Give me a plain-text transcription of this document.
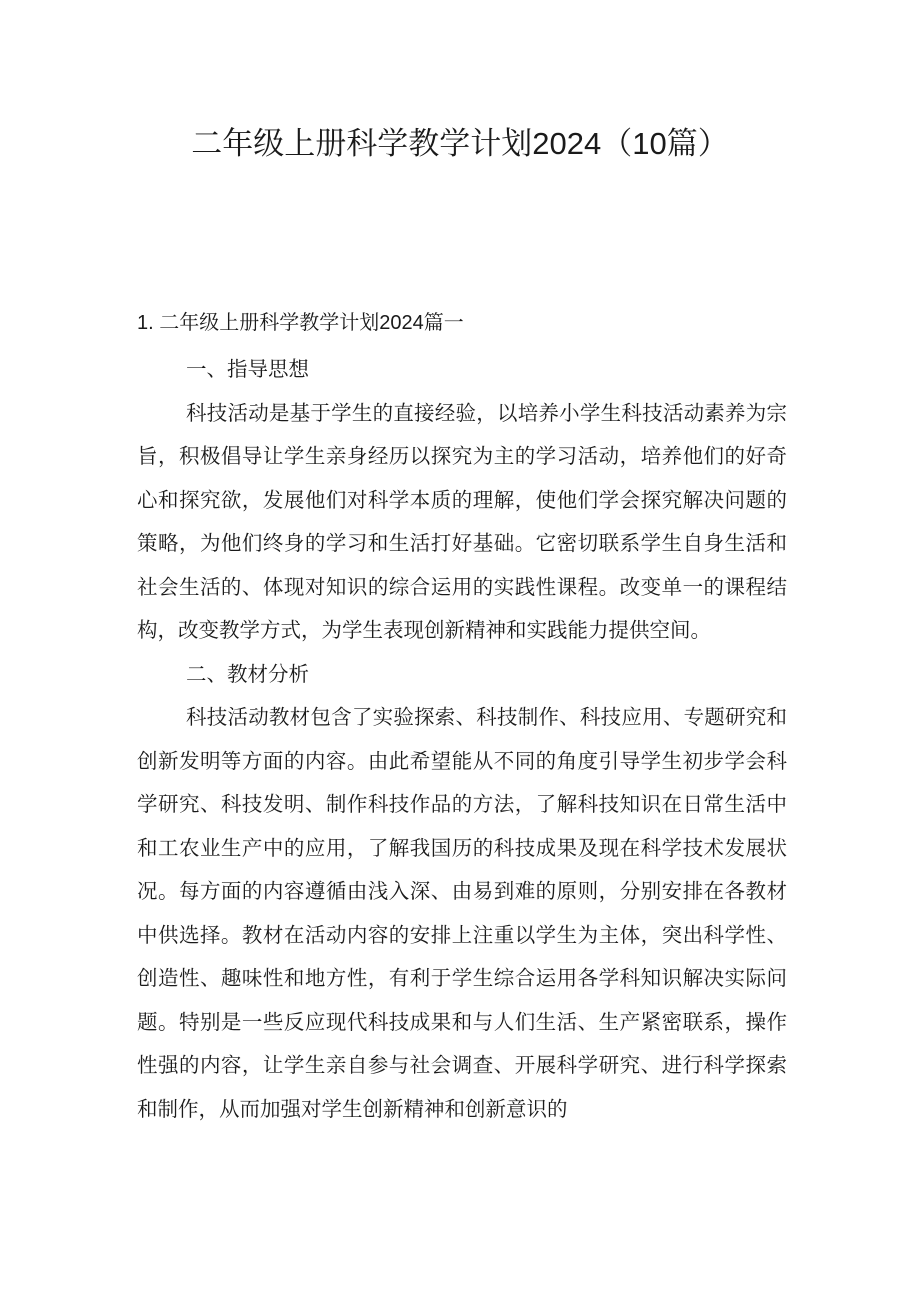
二年级上册科学教学计划2024（10篇）
1. 二年级上册科学教学计划2024篇一
一、指导思想

科技活动是基于学生的直接经验，以培养小学生科技活动素养为宗旨，积极倡导让学生亲身经历以探究为主的学习活动，培养他们的好奇心和探究欲，发展他们对科学本质的理解，使他们学会探究解决问题的策略，为他们终身的学习和生活打好基础。它密切联系学生自身生活和社会生活的、体现对知识的综合运用的实践性课程。改变单一的课程结构，改变教学方式，为学生表现创新精神和实践能力提供空间。

二、教材分析

科技活动教材包含了实验探索、科技制作、科技应用、专题研究和创新发明等方面的内容。由此希望能从不同的角度引导学生初步学会科学研究、科技发明、制作科技作品的方法，了解科技知识在日常生活中和工农业生产中的应用，了解我国历的科技成果及现在科学技术发展状况。每方面的内容遵循由浅入深、由易到难的原则，分别安排在各教材中供选择。教材在活动内容的安排上注重以学生为主体，突出科学性、创造性、趣味性和地方性，有利于学生综合运用各学科知识解决实际问题。特别是一些反应现代科技成果和与人们生活、生产紧密联系，操作性强的内容，让学生亲自参与社会调查、开展科学研究、进行科学探索和制作，从而加强对学生创新精神和创新意识的
